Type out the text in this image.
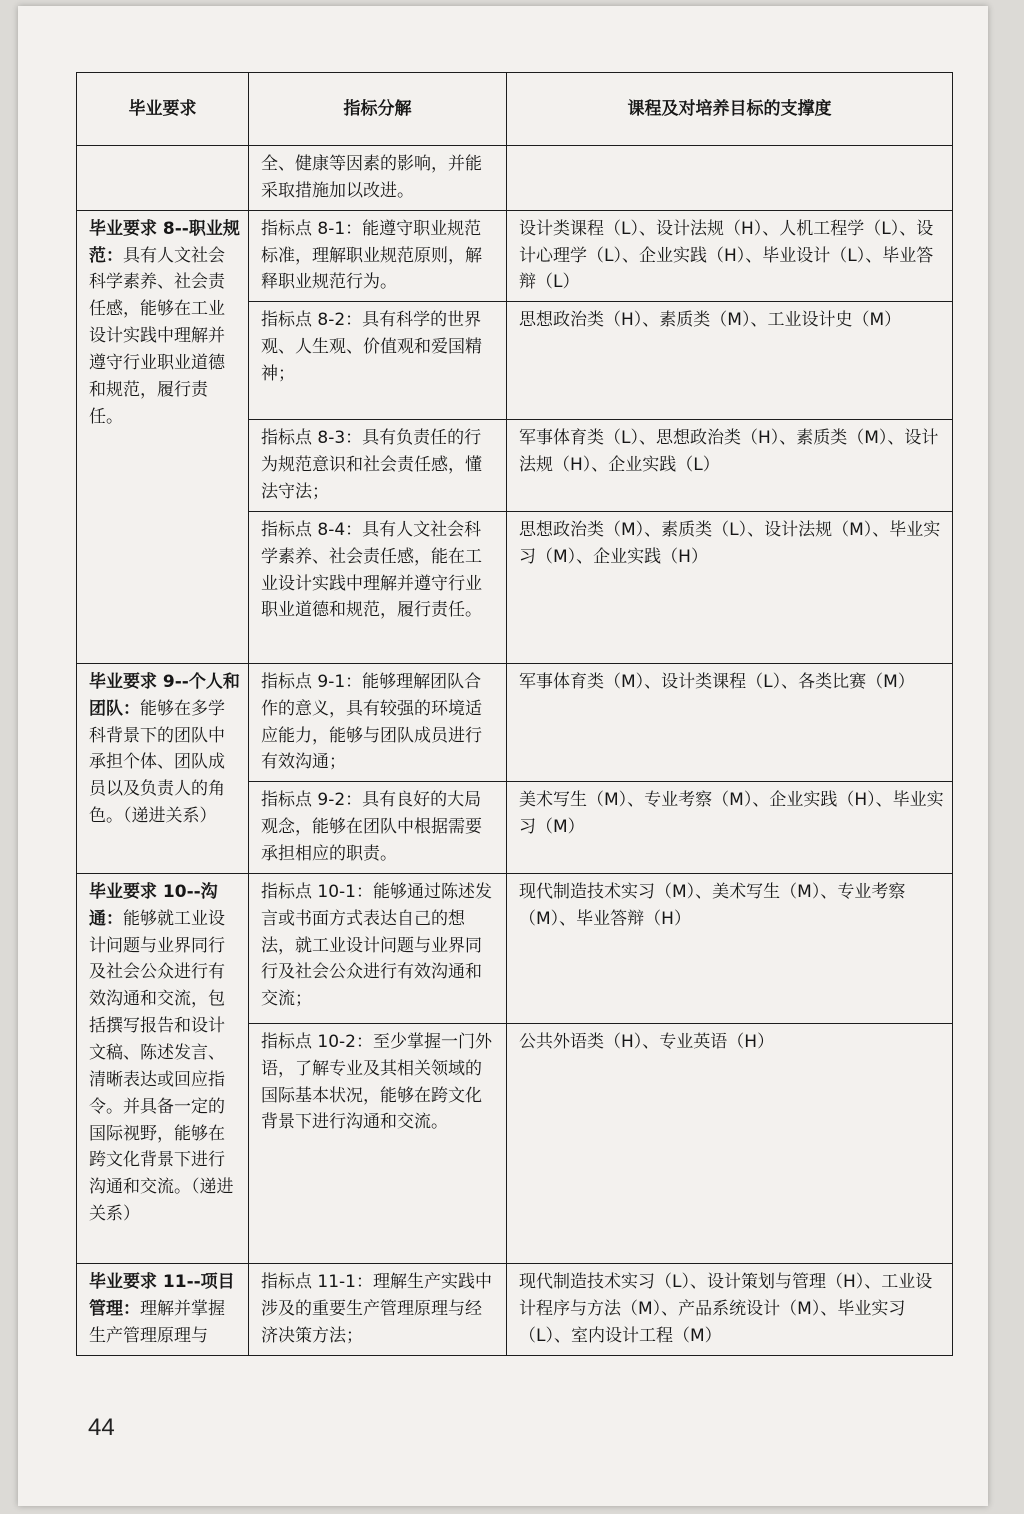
毕业要求	指标分解	课程及对培养目标的支撑度
	全、健康等因素的影响，并能采取措施加以改进。	
毕业要求 8--职业规范：具有人文社会科学素养、社会责任感，能够在工业设计实践中理解并遵守行业职业道德和规范，履行责任。	指标点 8-1：能遵守职业规范标准，理解职业规范原则，解释职业规范行为。	设计类课程（L）、设计法规（H）、人机工程学（L）、设计心理学（L）、企业实践（H）、毕业设计（L）、毕业答辩（L）
	指标点 8-2：具有科学的世界观、人生观、价值观和爱国精神；	思想政治类（H）、素质类（M）、工业设计史（M）
	指标点 8-3：具有负责任的行为规范意识和社会责任感，懂法守法；	军事体育类（L）、思想政治类（H）、素质类（M）、设计法规（H）、企业实践（L）
	指标点 8-4：具有人文社会科学素养、社会责任感，能在工业设计实践中理解并遵守行业职业道德和规范，履行责任。	思想政治类（M）、素质类（L）、设计法规（M）、毕业实习（M）、企业实践（H）
毕业要求 9--个人和团队：能够在多学科背景下的团队中承担个体、团队成员以及负责人的角色。（递进关系）	指标点 9-1：能够理解团队合作的意义，具有较强的环境适应能力，能够与团队成员进行有效沟通；	军事体育类（M）、设计类课程（L）、各类比赛（M）
	指标点 9-2：具有良好的大局观念，能够在团队中根据需要承担相应的职责。	美术写生（M）、专业考察（M）、企业实践（H）、毕业实习（M）
毕业要求 10--沟通：能够就工业设计问题与业界同行及社会公众进行有效沟通和交流，包括撰写报告和设计文稿、陈述发言、清晰表达或回应指令。并具备一定的国际视野，能够在跨文化背景下进行沟通和交流。（递进关系）	指标点 10-1：能够通过陈述发言或书面方式表达自己的想法，就工业设计问题与业界同行及社会公众进行有效沟通和交流；	现代制造技术实习（M）、美术写生（M）、专业考察（M）、毕业答辩（H）
	指标点 10-2：至少掌握一门外语，了解专业及其相关领域的国际基本状况，能够在跨文化背景下进行沟通和交流。	公共外语类（H）、专业英语（H）
毕业要求 11--项目管理：理解并掌握生产管理原理与	指标点 11-1：理解生产实践中涉及的重要生产管理原理与经济决策方法；	现代制造技术实习（L）、设计策划与管理（H）、工业设计程序与方法（M）、产品系统设计（M）、毕业实习（L）、室内设计工程（M）
44
